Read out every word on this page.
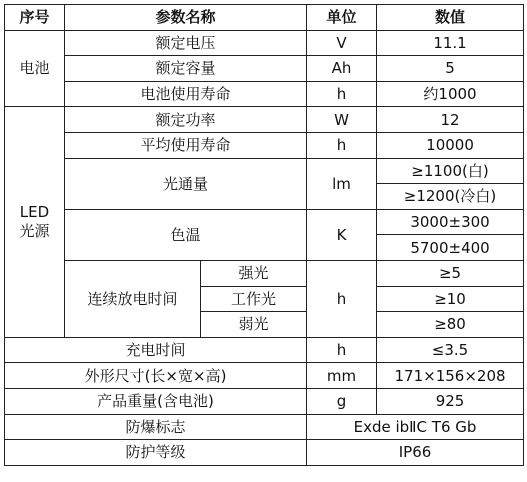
序号	参数名称		单位	数值
电池	额定电压		V	11.1
	额定容量		Ah	5
	电池使用寿命		h	约1000
LED
光源	额定功率		W	12
	平均使用寿命		h	10000
	光通量		lm	≥1100(白)
				≥1200(冷白)
	色温		K	3000±300
				5700±400
	连续放电时间	强光	h	≥5
		工作光		≥10
		弱光		≥80
充电时间			h	≤3.5
外形尺寸(长×宽×高)			mm	171×156×208
产品重量(含电池)			g	925
防爆标志			Exde ibⅡC T6 Gb	
防护等级			IP66	
